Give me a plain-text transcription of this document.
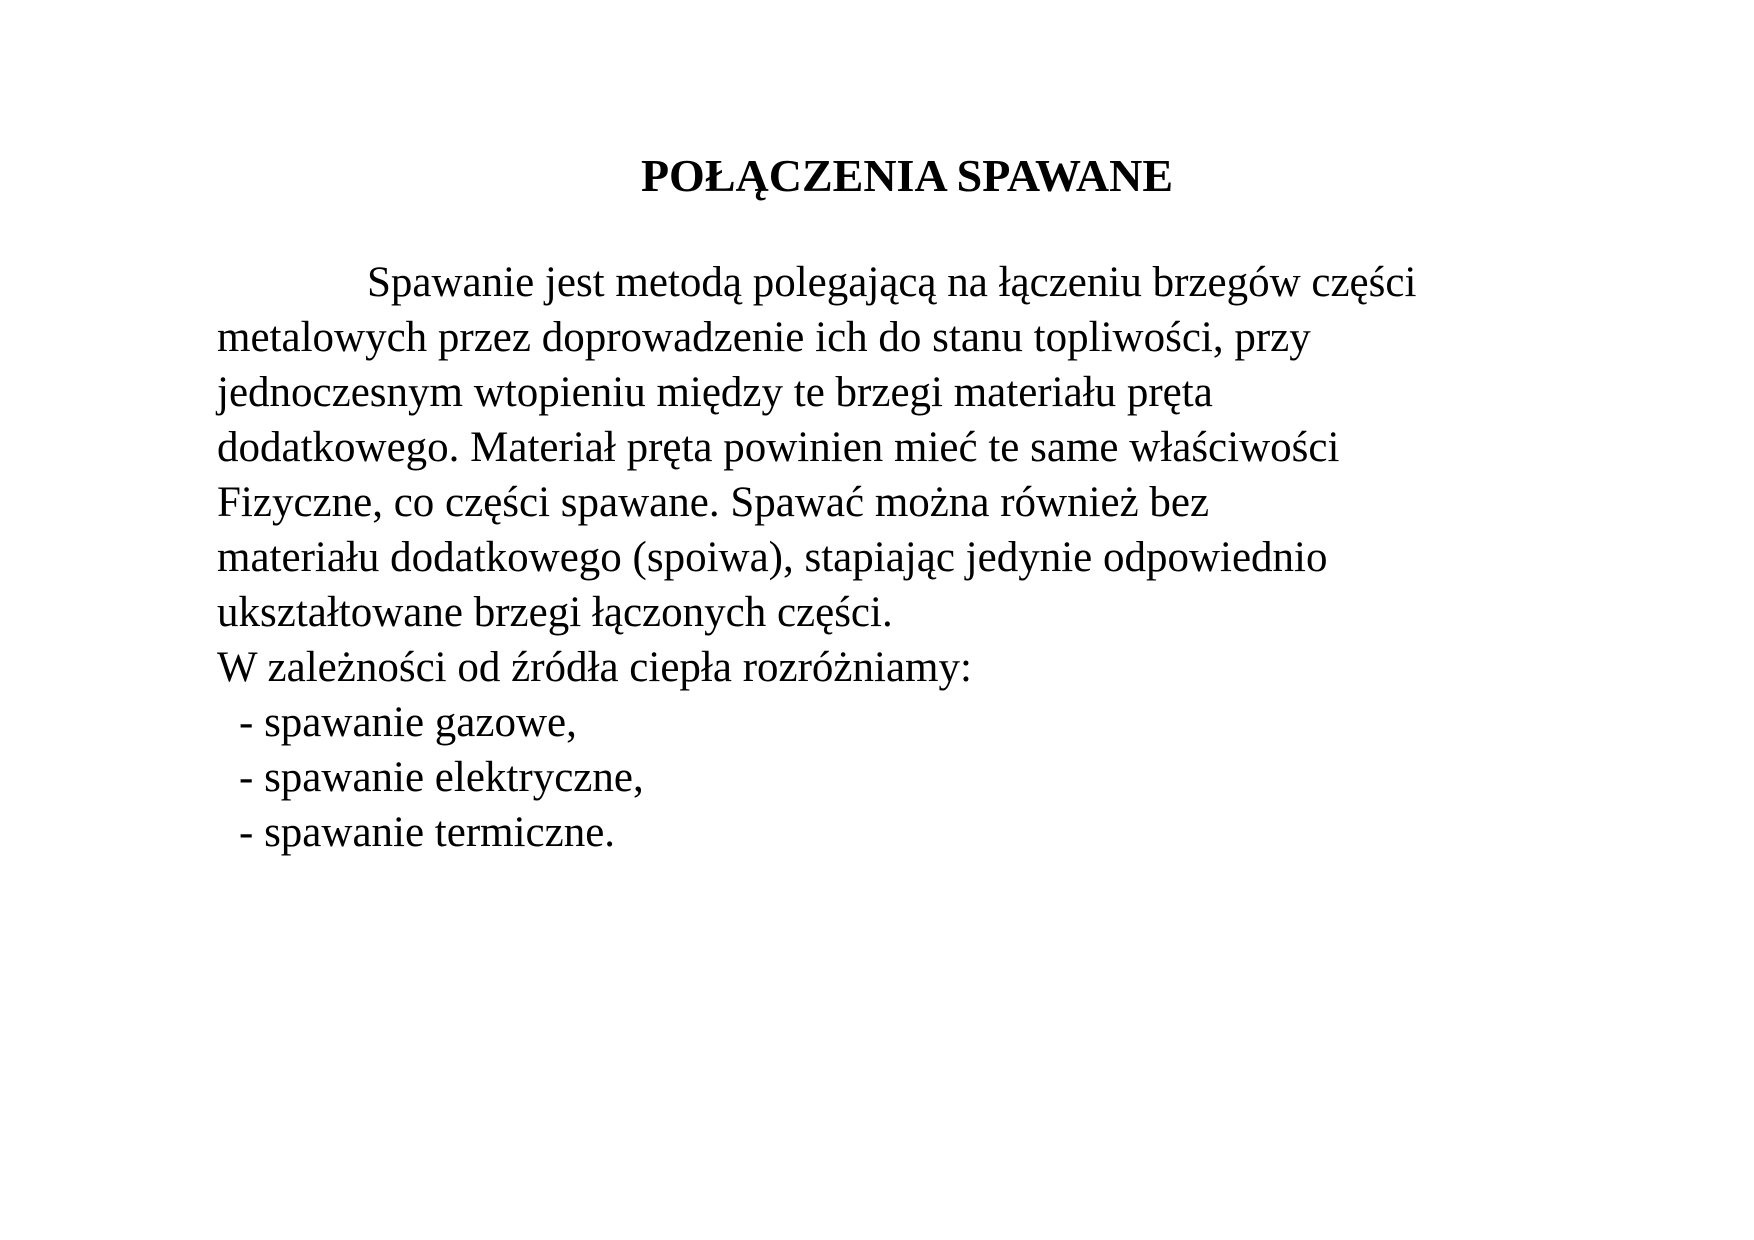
POŁĄCZENIA SPAWANE
Spawanie jest metodą polegającą na łączeniu brzegów części
metalowych przez doprowadzenie ich do stanu topliwości, przy
jednoczesnym wtopieniu między te brzegi materiału pręta
dodatkowego. Materiał pręta powinien mieć te same właściwości
Fizyczne, co części spawane. Spawać można również bez
materiału dodatkowego (spoiwa), stapiając jedynie odpowiednio
ukształtowane brzegi łączonych części.
W zależności od źródła ciepła rozróżniamy:
- spawanie gazowe,
- spawanie elektryczne,
- spawanie termiczne.
